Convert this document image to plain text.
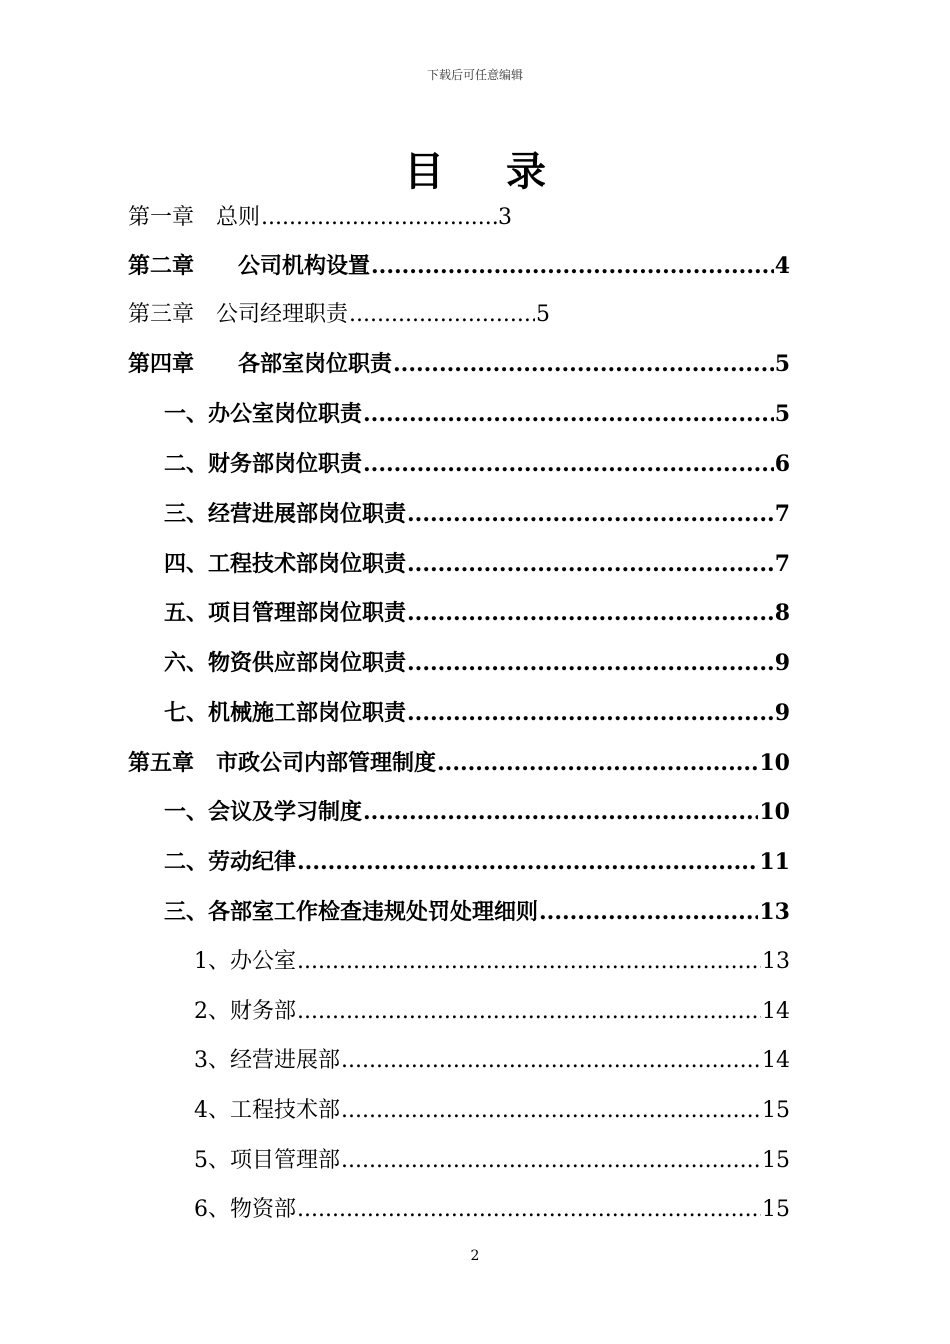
下载后可任意编辑
目 录
第一章　总则 .....	3
第二章　　公司机构设置 .....	4
第三章　公司经理职责 .....	5
第四章　　各部室岗位职责 .....	5
一、办公室岗位职责 .....	5
二、财务部岗位职责 .....	6
三、经营进展部岗位职责 .....	7
四、工程技术部岗位职责 .....	7
五、项目管理部岗位职责 .....	8
六、物资供应部岗位职责 .....	9
七、机械施工部岗位职责 .....	9
第五章　市政公司内部管理制度 .....	10
一、会议及学习制度 .....	10
二、劳动纪律 .....	11
三、各部室工作检查违规处罚处理细则 .....	13
1、办公室 .....	13
2、财务部 .....	14
3、经营进展部 .....	14
4、工程技术部 .....	15
5、项目管理部 .....	15
6、物资部 .....	15
2
